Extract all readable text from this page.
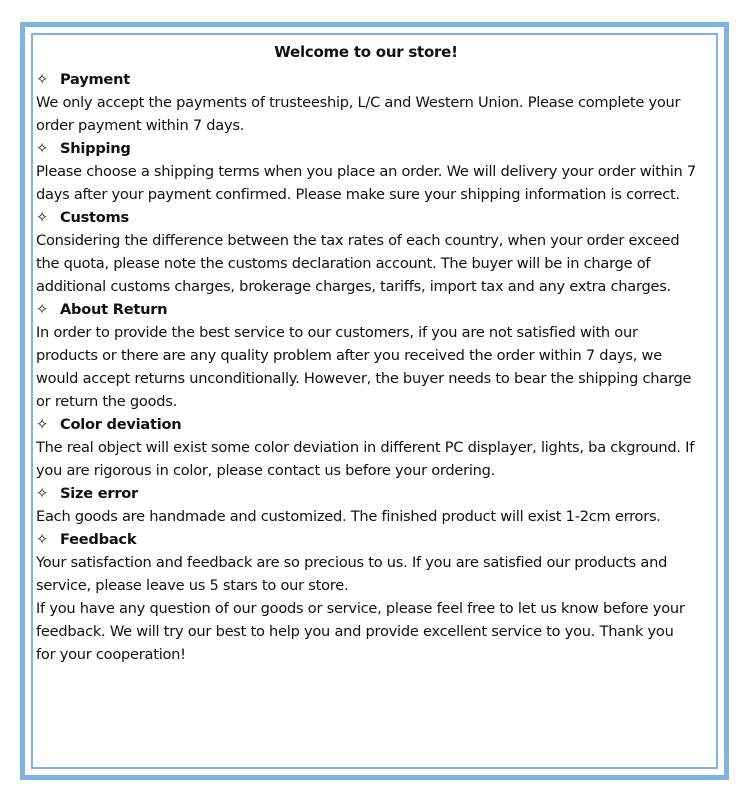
Welcome to our store!
✧ Payment

We only accept the payments of trusteeship, L/C and Western Union. Please complete your order payment within 7 days.

✧ Shipping

Please choose a shipping terms when you place an order. We will delivery your order within 7 days after your payment confirmed. Please make sure your shipping information is correct.

✧ Customs

Considering the difference between the tax rates of each country, when your order exceed the quota, please note the customs declaration account. The buyer will be in charge of additional customs charges, brokerage charges, tariffs, import tax and any extra charges.

✧ About Return

In order to provide the best service to our customers, if you are not satisfied with our products or there are any quality problem after you received the order within 7 days, we would accept returns unconditionally. However, the buyer needs to bear the shipping charge or return the goods.

✧ Color deviation

The real object will exist some color deviation in different PC displayer, lights, ba ckground. If you are rigorous in color, please contact us before your ordering.

✧ Size error

Each goods are handmade and customized. The finished product will exist 1-2cm errors.

✧ Feedback

Your satisfaction and feedback are so precious to us. If you are satisfied our products and service, please leave us 5 stars to our store.

If you have any question of our goods or service, please feel free to let us know before your feedback. We will try our best to help you and provide excellent service to you. Thank you for your cooperation!
